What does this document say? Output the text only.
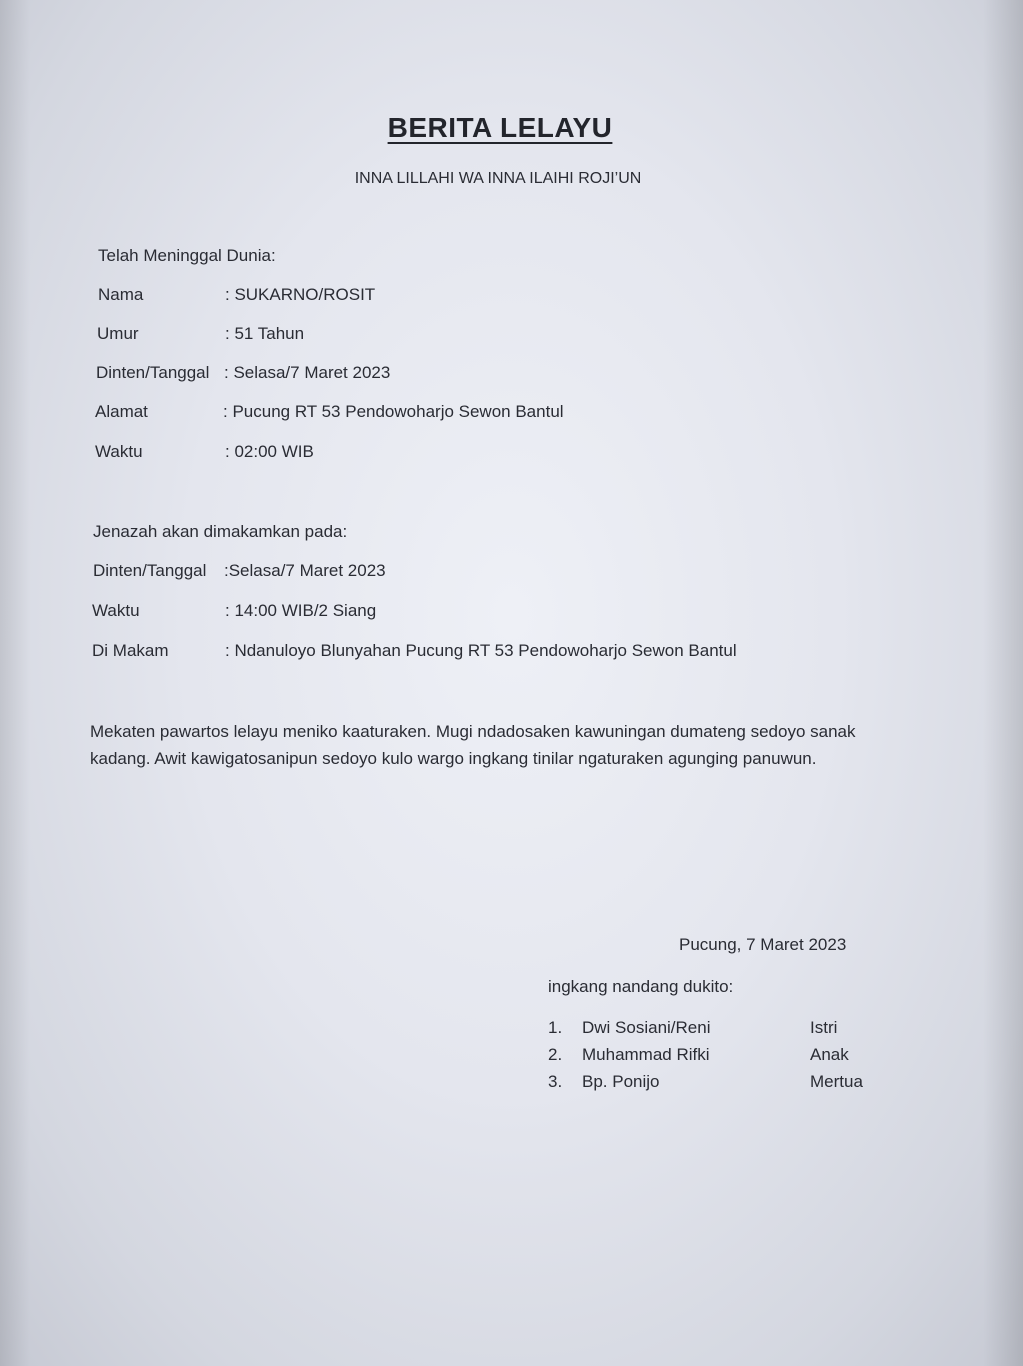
BERITA LELAYU
INNA LILLAHI WA INNA ILAIHI ROJI’UN
Telah Meninggal Dunia:
Nama	: SUKARNO/ROSIT
Umur	: 51 Tahun
Dinten/Tanggal : Selasa/7 Maret 2023
Alamat	: Pucung RT 53 Pendowoharjo Sewon Bantul
Waktu	: 02:00 WIB
Jenazah akan dimakamkan pada:
Dinten/Tanggal :Selasa/7 Maret 2023
Waktu	: 14:00 WIB/2 Siang
Di Makam	: Ndanuloyo Blunyahan Pucung RT 53 Pendowoharjo Sewon Bantul
Mekaten pawartos lelayu meniko kaaturaken. Mugi ndadosaken kawuningan dumateng sedoyo sanak kadang. Awit kawigatosanipun sedoyo kulo wargo ingkang tinilar ngaturaken agunging panuwun.
Pucung, 7 Maret 2023
ingkang nandang dukito:
1. Dwi Sosiani/Reni	Istri
2. Muhammad Rifki	Anak
3. Bp. Ponijo	Mertua
